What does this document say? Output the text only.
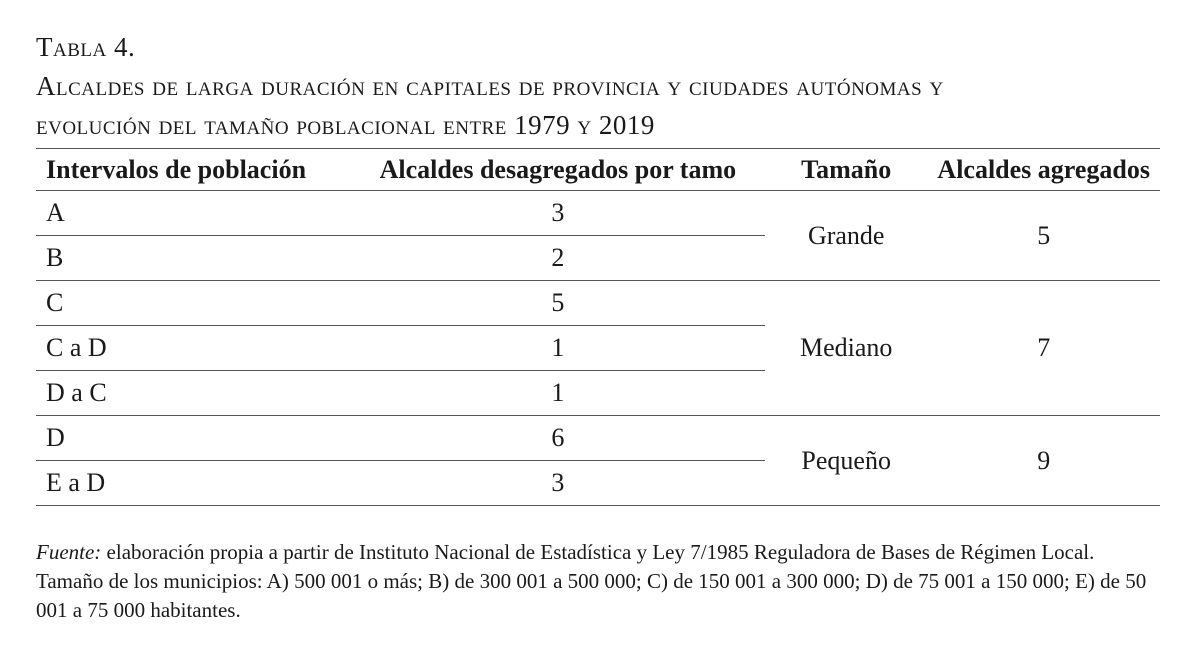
Tabla 4.
Alcaldes de larga duración en capitales de provincia y ciudades autónomas y
evolución del tamaño poblacional entre 1979 y 2019
Intervalos de población	Alcaldes desagregados por tamo	Tamaño	Alcaldes agregados
A	3	Grande	5
B	2		
C	5	Mediano	7
C a D	1		
D a C	1		
D	6	Pequeño	9
E a D	3		
Fuente: elaboración propia a partir de Instituto Nacional de Estadística y Ley 7/1985 Reguladora de Bases de Régimen Local. Tamaño de los municipios: A) 500 001 o más; B) de 300 001 a 500 000; C) de 150 001 a 300 000; D) de 75 001 a 150 000; E) de 50 001 a 75 000 habitantes.
